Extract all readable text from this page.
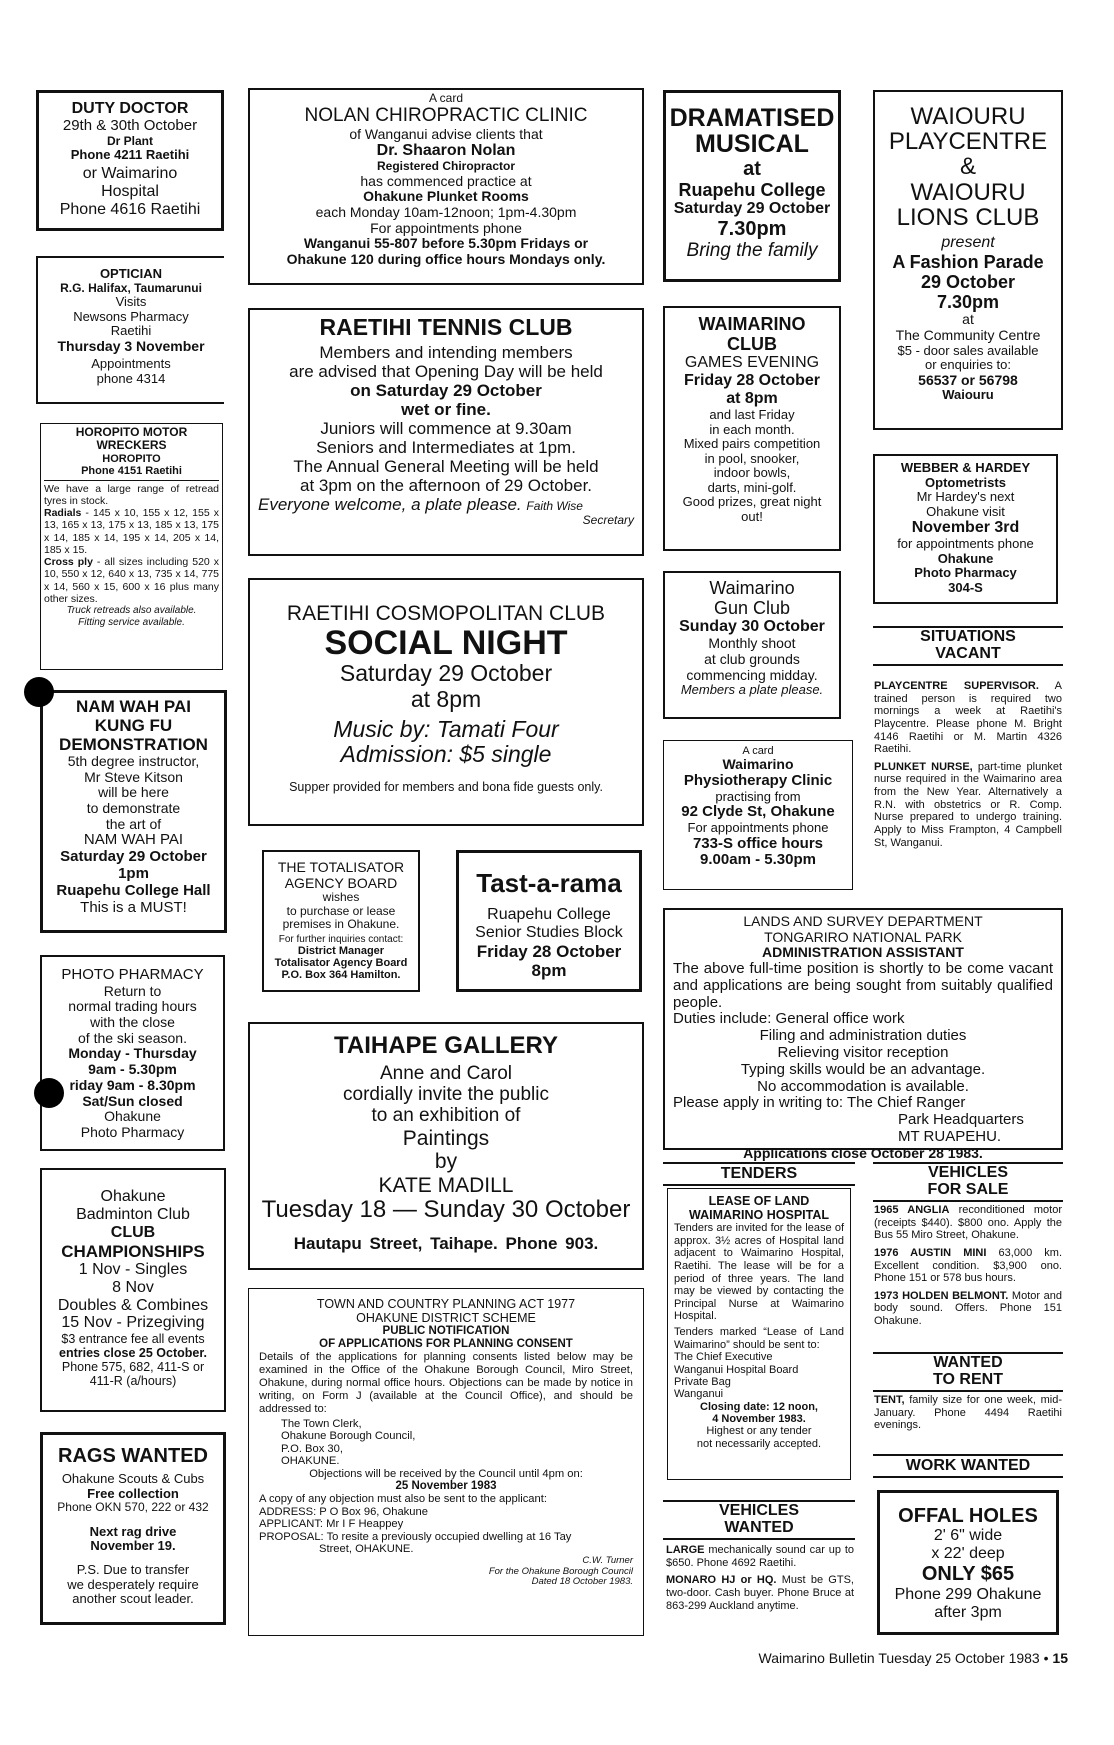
DUTY DOCTOR
29th & 30th October
Dr Plant
Phone 4211 Raetihi
or Waimarino
Hospital
Phone 4616 Raetihi
OPTICIAN
R.G. Halifax, Taumarunui
Visits
Newsons Pharmacy
Raetihi
Thursday 3 November
Appointments
phone 4314
HOROPITO MOTOR WRECKERS
HOROPITO
Phone 4151 Raetihi
We have a large range of retread tyres in stock.
Radials - 145 x 10, 155 x 12, 155 x 13, 165 x 13, 175 x 13, 185 x 13, 175 x 14, 185 x 14, 195 x 14, 205 x 14, 185 x 15.
Cross ply - all sizes including 520 x 10, 550 x 12, 640 x 13, 735 x 14, 775 x 14, 560 x 15, 600 x 16 plus many other sizes.
Truck retreads also available.
Fitting service available.
NAM WAH PAI
KUNG FU
DEMONSTRATION
5th degree instructor,
Mr Steve Kitson
will be here
to demonstrate
the art of
NAM WAH PAI
Saturday 29 October
1pm
Ruapehu College Hall
This is a MUST!
PHOTO PHARMACY
Return to
normal trading hours
with the close
of the ski season.
Monday - Thursday
9am - 5.30pm
riday 9am - 8.30pm
Sat/Sun closed
Ohakune
Photo Pharmacy
Ohakune
Badminton Club
CLUB
CHAMPIONSHIPS
1 Nov - Singles
8 Nov
Doubles & Combines
15 Nov - Prizegiving
$3 entrance fee all events
entries close 25 October.
Phone 575, 682, 411-S or
411-R (a/hours)
RAGS WANTED
Ohakune Scouts & Cubs
Free collection
Phone OKN 570, 222 or 432
Next rag drive
November 19.
P.S. Due to transfer
we desperately require
another scout leader.
A card
NOLAN CHIROPRACTIC CLINIC
of Wanganui advise clients that
Dr. Shaaron Nolan
Registered Chiropractor
has commenced practice at
Ohakune Plunket Rooms
each Monday 10am-12noon; 1pm-4.30pm
For appointments phone
Wanganui 55-807 before 5.30pm Fridays or
Ohakune 120 during office hours Mondays only.
RAETIHI TENNIS CLUB
Members and intending members
are advised that Opening Day will be held
on Saturday 29 October
wet or fine.
Juniors will commence at 9.30am
Seniors and Intermediates at 1pm.
The Annual General Meeting will be held
at 3pm on the afternoon of 29 October.
Everyone welcome, a plate please. Faith Wise
Secretary
RAETIHI COSMOPOLITAN CLUB
SOCIAL NIGHT
Saturday 29 October
at 8pm
Music by: Tamati Four
Admission: $5 single
Supper provided for members and bona fide guests only.
THE TOTALISATOR
AGENCY BOARD
wishes
to purchase or lease
premises in Ohakune.
For further inquiries contact:
District Manager
Totalisator Agency Board
P.O. Box 364 Hamilton.
Tast-a-rama
Ruapehu College
Senior Studies Block
Friday 28 October
8pm
TAIHAPE GALLERY
Anne and Carol
cordially invite the public
to an exhibition of
Paintings
by
KATE MADILL
Tuesday 18 — Sunday 30 October
Hautapu Street, Taihape. Phone 903.
TOWN AND COUNTRY PLANNING ACT 1977
OHAKUNE DISTRICT SCHEME
PUBLIC NOTIFICATION
OF APPLICATIONS FOR PLANNING CONSENT
Details of the applications for planning consents listed below may be examined in the Office of the Ohakune Borough Council, Miro Street, Ohakune, during normal office hours. Objections can be made by notice in writing, on Form J (available at the Council Office), and should be addressed to:
The Town Clerk,
Ohakune Borough Council,
P.O. Box 30,
OHAKUNE.
Objections will be received by the Council until 4pm on:
25 November 1983
A copy of any objection must also be sent to the applicant:
ADDRESS: P O Box 96, Ohakune
APPLICANT: Mr I F Heappey
PROPOSAL: To resite a previously occupied dwelling at 16 Tay
Street, OHAKUNE.
C.W. Turner
For the Ohakune Borough Council
Dated 18 October 1983.
DRAMATISED
MUSICAL
at
Ruapehu College
Saturday 29 October
7.30pm
Bring the family
WAIMARINO
CLUB
GAMES EVENING
Friday 28 October
at 8pm
and last Friday
in each month.
Mixed pairs competition
in pool, snooker,
indoor bowls,
darts, mini-golf.
Good prizes, great night
out!
Waimarino
Gun Club
Sunday 30 October
Monthly shoot
at club grounds
commencing midday.
Members a plate please.
A card
Waimarino
Physiotherapy Clinic
practising from
92 Clyde St, Ohakune
For appointments phone
733-S office hours
9.00am - 5.30pm
LANDS AND SURVEY DEPARTMENT
TONGARIRO NATIONAL PARK
ADMINISTRATION ASSISTANT
The above full-time position is shortly to be come vacant and applications are being sought from suitably qualified people.
Duties include: General office work
Filing and administration duties
Relieving visitor reception
Typing skills would be an advantage.
No accommodation is available.
Please apply in writing to: The Chief Ranger
Park Headquarters
MT RUAPEHU.
Applications close October 28 1983.
TENDERS
LEASE OF LAND
WAIMARINO HOSPITAL
Tenders are invited for the lease of approx. 3½ acres of Hospital land adjacent to Waimarino Hospital, Raetihi. The lease will be for a period of three years. The land may be viewed by contacting the Principal Nurse at Waimarino Hospital.
Tenders marked “Lease of Land Waimarino” should be sent to:
The Chief Executive
Wanganui Hospital Board
Private Bag
Wanganui
Closing date: 12 noon,
4 November 1983.
Highest or any tender
not necessarily accepted.
VEHICLES
WANTED

LARGE mechanically sound car up to $650. Phone 4692 Raetihi.

MONARO HJ or HQ. Must be GTS, two-door. Cash buyer. Phone Bruce at 863-299 Auckland anytime.

WAIOURU
PLAYCENTRE
&
WAIOURU
LIONS CLUB
present
A Fashion Parade
29 October
7.30pm
at
The Community Centre
$5 - door sales available
or enquiries to:
56537 or 56798
Waiouru
WEBBER & HARDEY
Optometrists
Mr Hardey's next
Ohakune visit
November 3rd
for appointments phone
Ohakune
Photo Pharmacy
304-S
SITUATIONS
VACANT

PLAYCENTRE SUPERVISOR. A trained person is required two mornings a week at Raetihi's Playcentre. Please phone M. Bright 4146 Raetihi or M. Martin 4326 Raetihi.

PLUNKET NURSE, part-time plunket nurse required in the Waimarino area from the New Year. Alternatively a R.N. with obstetrics or R. Comp. Nurse prepared to undergo training. Apply to Miss Frampton, 4 Campbell St, Wanganui.

VEHICLES
FOR SALE

1965 ANGLIA reconditioned motor (receipts $440). $800 ono. Apply the Bus 55 Miro Street, Ohakune.

1976 AUSTIN MINI 63,000 km. Excellent condition. $3,900 ono. Phone 151 or 578 bus hours.

1973 HOLDEN BELMONT. Motor and body sound. Offers. Phone 151 Ohakune.

WANTED
TO RENT

TENT, family size for one week, mid-January. Phone 4494 Raetihi evenings.

WORK WANTED
OFFAL HOLES
2' 6" wide
x 22' deep
ONLY $65
Phone 299 Ohakune
after 3pm
Waimarino Bulletin Tuesday 25 October 1983 • 15
